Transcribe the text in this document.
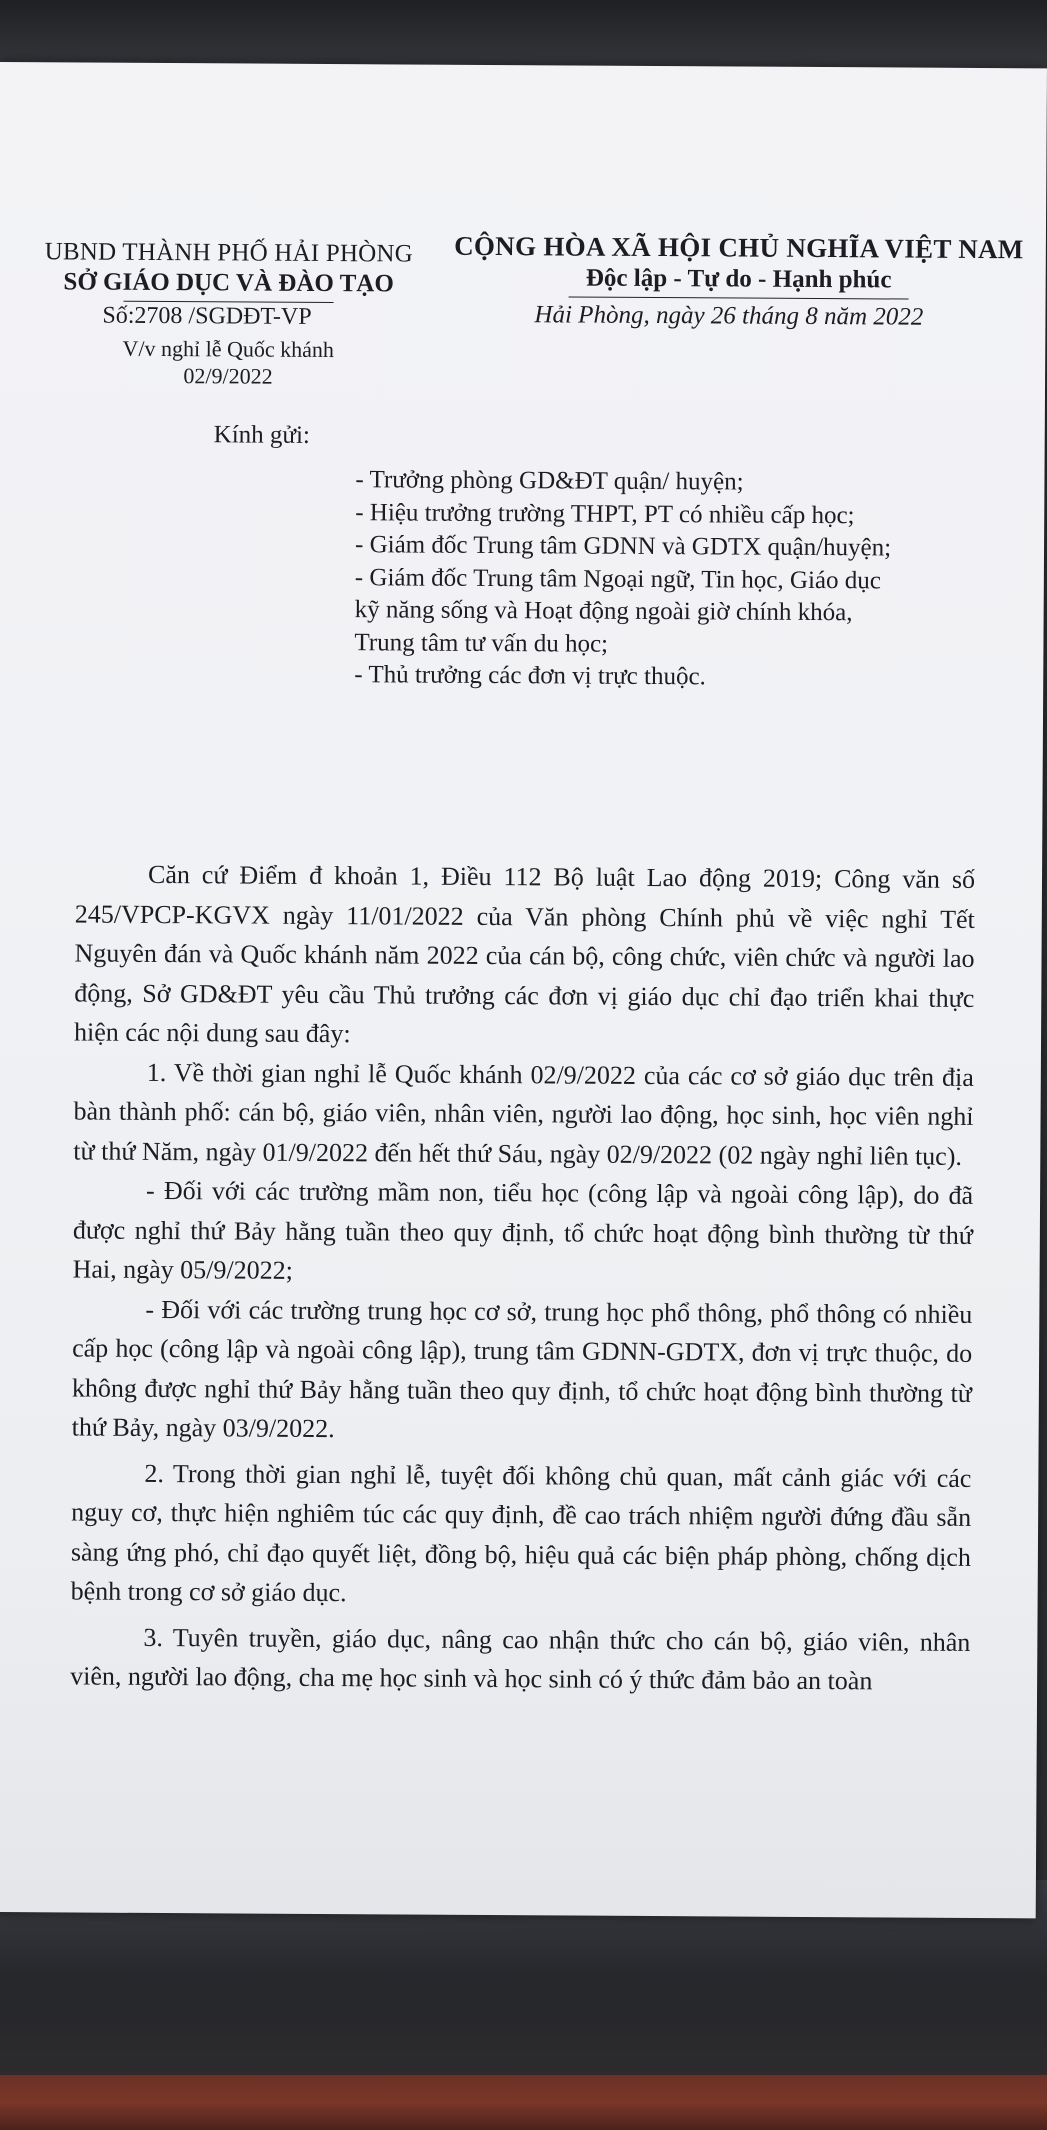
UBND THÀNH PHỐ HẢI PHÒNG
SỞ GIÁO DỤC VÀ ĐÀO TẠO
CỘNG HÒA XÃ HỘI CHỦ NGHĨA VIỆT NAM
Độc lập - Tự do - Hạnh phúc
Số:2708 /SGDĐT-VP
V/v nghỉ lễ Quốc khánh
02/9/2022
Hải Phòng, ngày 26 tháng 8 năm 2022
Kính gửi:
- Trưởng phòng GD&ĐT quận/ huyện;
- Hiệu trưởng trường THPT, PT có nhiều cấp học;
- Giám đốc Trung tâm GDNN và GDTX quận/huyện;
- Giám đốc Trung tâm Ngoại ngữ, Tin học, Giáo dục
kỹ năng sống và Hoạt động ngoài giờ chính khóa,
Trung tâm tư vấn du học;
- Thủ trưởng các đơn vị trực thuộc.

Căn cứ Điểm đ khoản 1, Điều 112 Bộ luật Lao động 2019; Công văn số 245/VPCP-KGVX ngày 11/01/2022 của Văn phòng Chính phủ về việc nghỉ Tết Nguyên đán và Quốc khánh năm 2022 của cán bộ, công chức, viên chức và người lao động, Sở GD&ĐT yêu cầu Thủ trưởng các đơn vị giáo dục chỉ đạo triển khai thực hiện các nội dung sau đây:

1. Về thời gian nghỉ lễ Quốc khánh 02/9/2022 của các cơ sở giáo dục trên địa bàn thành phố: cán bộ, giáo viên, nhân viên, người lao động, học sinh, học viên nghỉ từ thứ Năm, ngày 01/9/2022 đến hết thứ Sáu, ngày 02/9/2022 (02 ngày nghỉ liên tục).

- Đối với các trường mầm non, tiểu học (công lập và ngoài công lập), do đã được nghỉ thứ Bảy hằng tuần theo quy định, tổ chức hoạt động bình thường từ thứ Hai, ngày 05/9/2022;

- Đối với các trường trung học cơ sở, trung học phổ thông, phổ thông có nhiều cấp học (công lập và ngoài công lập), trung tâm GDNN-GDTX, đơn vị trực thuộc, do không được nghỉ thứ Bảy hằng tuần theo quy định, tổ chức hoạt động bình thường từ thứ Bảy, ngày 03/9/2022.

2. Trong thời gian nghỉ lễ, tuyệt đối không chủ quan, mất cảnh giác với các nguy cơ, thực hiện nghiêm túc các quy định, đề cao trách nhiệm người đứng đầu sẵn sàng ứng phó, chỉ đạo quyết liệt, đồng bộ, hiệu quả các biện pháp phòng, chống dịch bệnh trong cơ sở giáo dục.

3. Tuyên truyền, giáo dục, nâng cao nhận thức cho cán bộ, giáo viên, nhân viên, người lao động, cha mẹ học sinh và học sinh có ý thức đảm bảo an toàn
